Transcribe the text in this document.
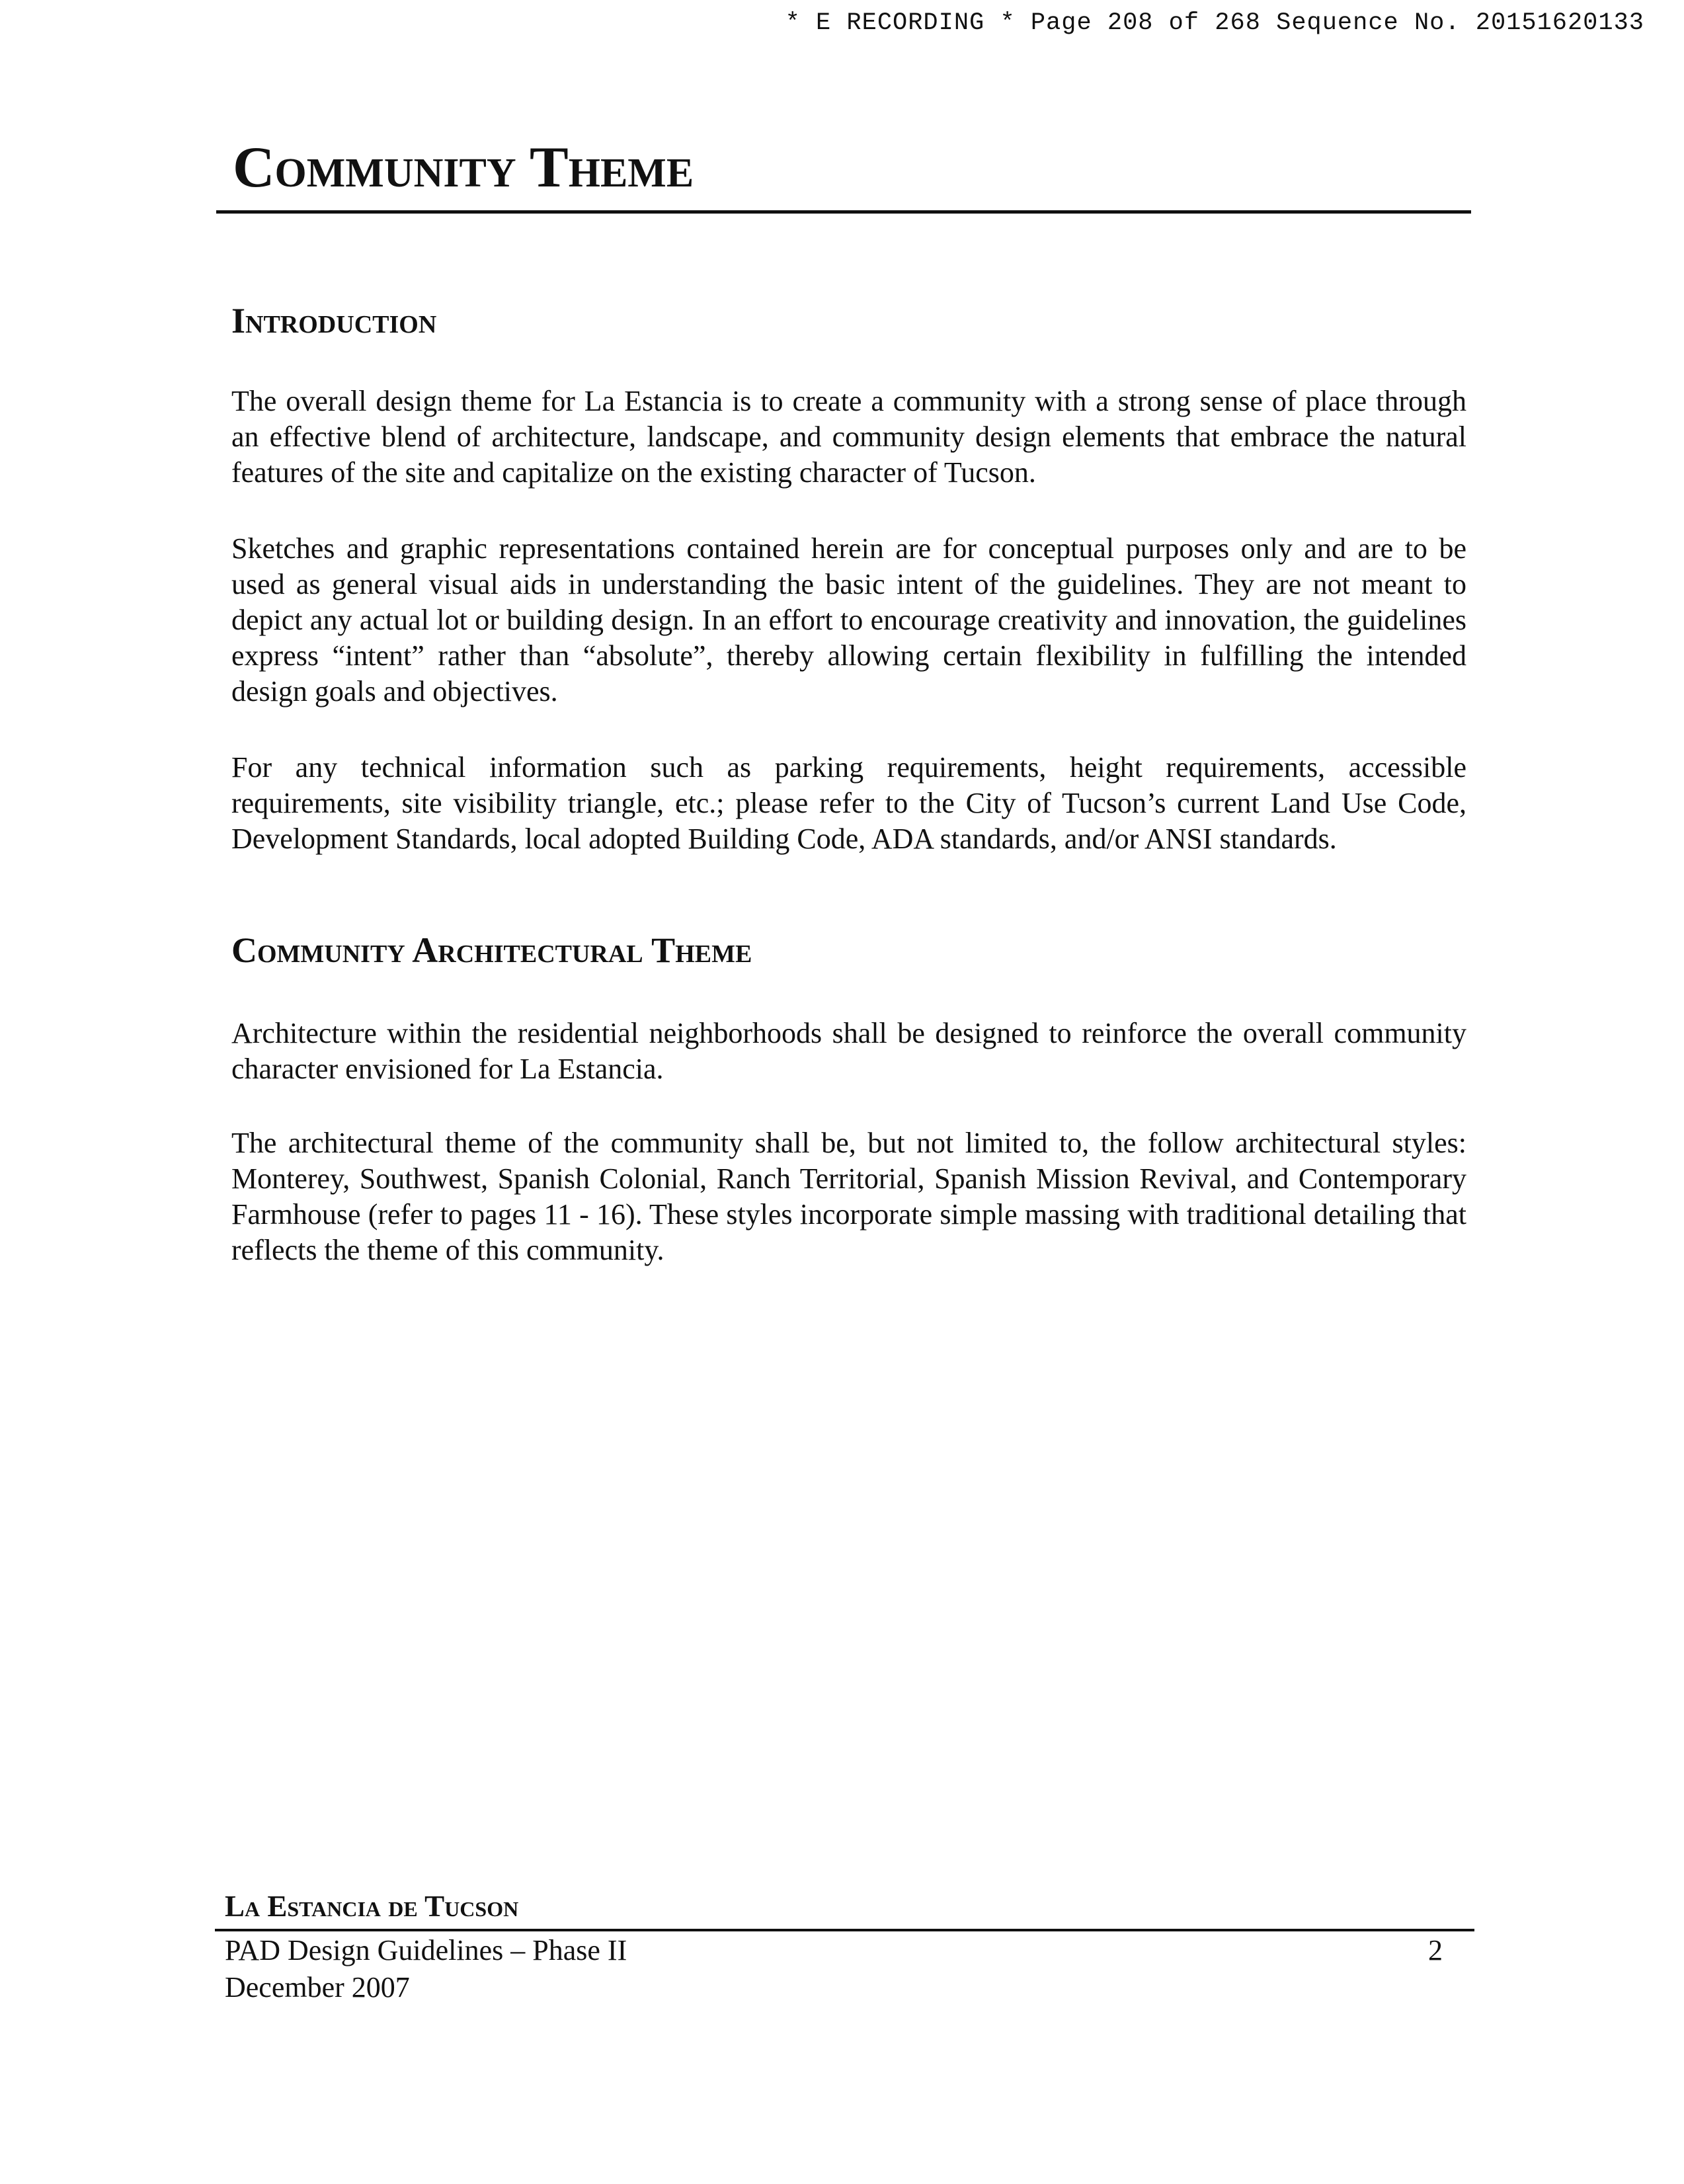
* E RECORDING * Page 208 of 268 Sequence No. 20151620133
Community Theme
Introduction

The overall design theme for La Estancia is to create a community with a strong sense of place through an effective blend of architecture, landscape, and community design elements that embrace the natural features of the site and capitalize on the existing character of Tucson.

Sketches and graphic representations contained herein are for conceptual purposes only and are to be used as general visual aids in understanding the basic intent of the guidelines. They are not meant to depict any actual lot or building design. In an effort to encourage creativity and innovation, the guidelines express “intent” rather than “absolute”, thereby allowing certain flexibility in fulfilling the intended design goals and objectives.

For any technical information such as parking requirements, height requirements, accessible requirements, site visibility triangle, etc.; please refer to the City of Tucson’s current Land Use Code, Development Standards, local adopted Building Code, ADA standards, and/or ANSI standards.

Community Architectural Theme

Architecture within the residential neighborhoods shall be designed to reinforce the overall community character envisioned for La Estancia.

The architectural theme of the community shall be, but not limited to, the follow architectural styles: Monterey, Southwest, Spanish Colonial, Ranch Territorial, Spanish Mission Revival, and Contemporary Farmhouse (refer to pages 11 - 16). These styles incorporate simple massing with traditional detailing that reflects the theme of this community.

La Estancia de Tucson
PAD Design Guidelines – Phase II
December 2007
2
